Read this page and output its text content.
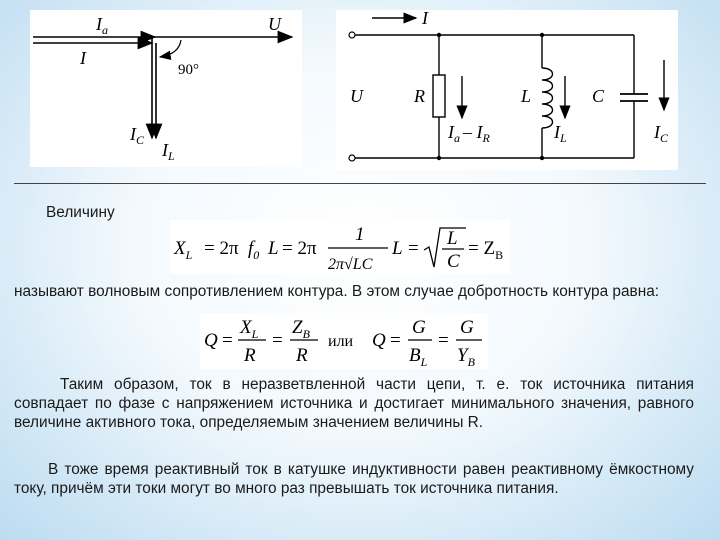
$I_a$	U
I
90°
$I_C$ $I_L$
I
U	R	L	C
$I_a - I_R$	$I_L$	$I_C$
Величину
$X_L = 2\pi$ $f_0$ L = 2π
1
2π√LC
L = L
C
= $Z_B$
называют волновым сопротивлением контура. В этом случае добротность контура равна:
Q =
$X_L$
R
=
$Z_B$
R
или Q =
G
$B_L$
=
G
$Y_B$
Таким образом, ток в неразветвленной части цепи, т. е. ток источника питания совпадает по фазе с напряжением источника и достигает минимального значения, равного величине активного тока, определяемым значением величины R.
В тоже время реактивный ток в катушке индуктивности равен реактивному ёмкостному току, причём эти токи могут во много раз превышать ток источника питания.
